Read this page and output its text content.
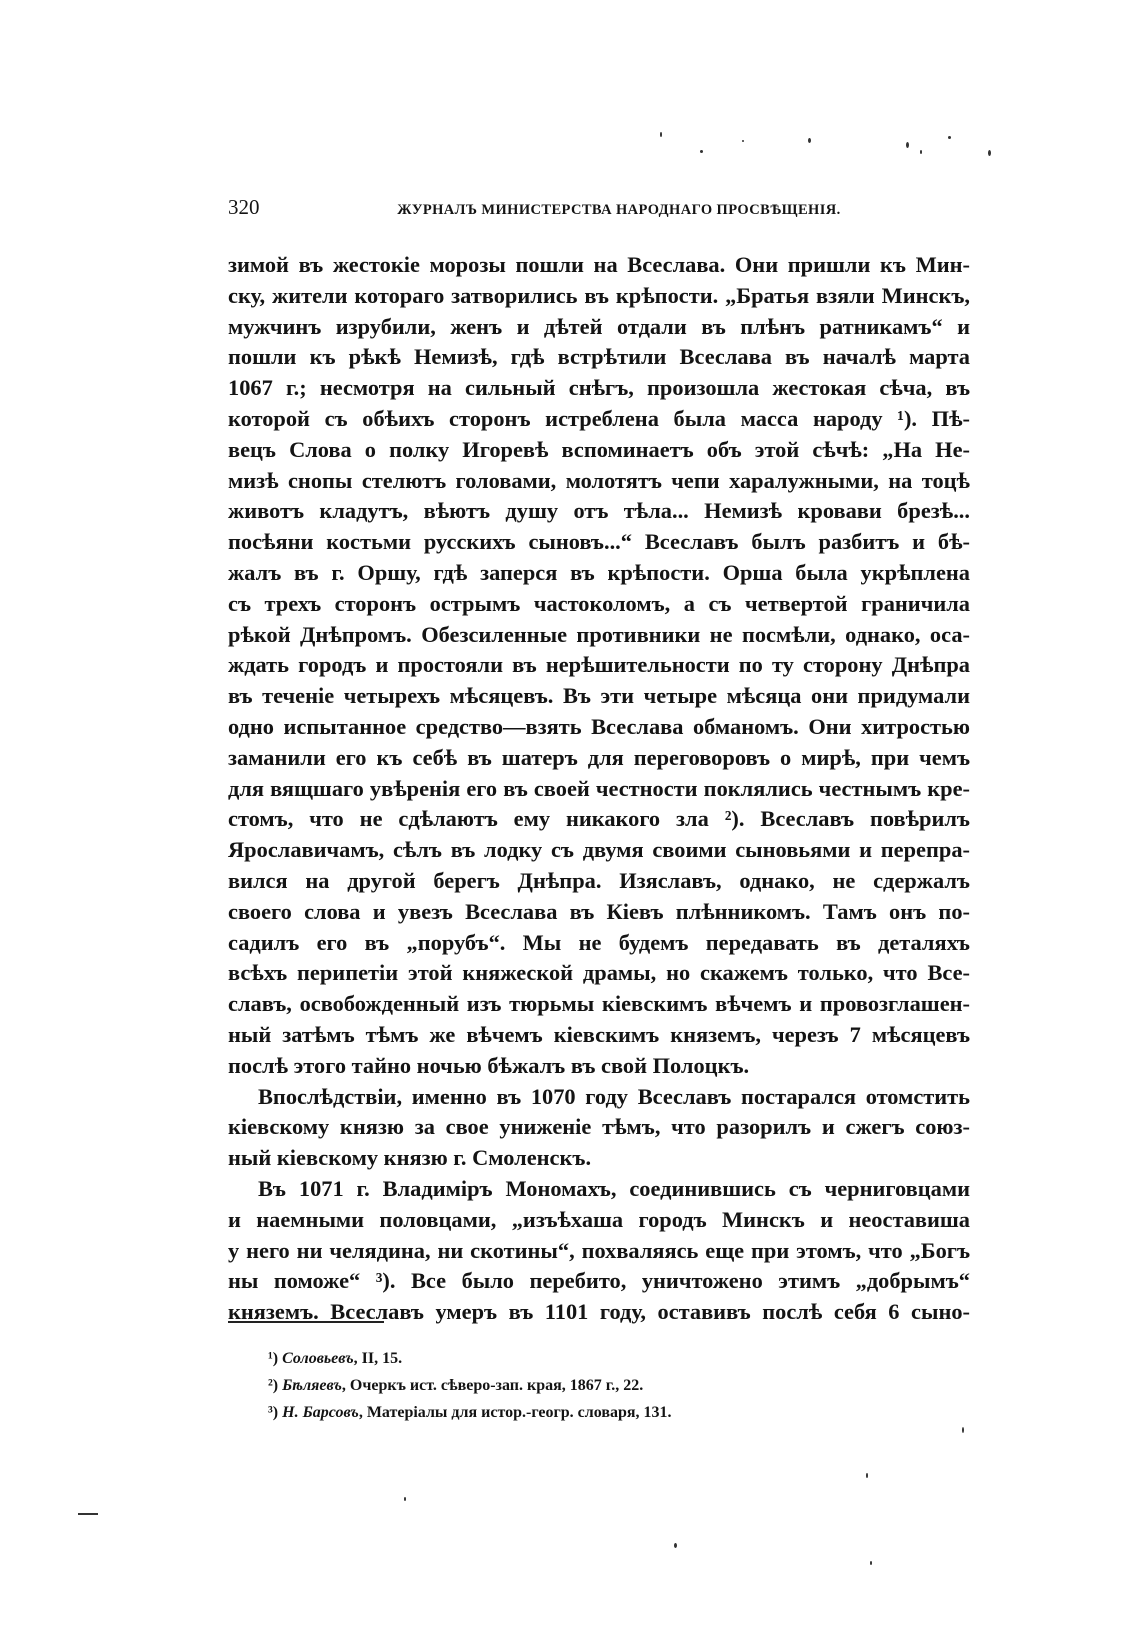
320	ЖУРНАЛЪ МИНИСТЕРСТВА НАРОДНАГО ПРОСВѢЩЕНІЯ.
зимой въ жестокіе морозы пошли на Всеслава. Они пришли къ Мин-
ску, жители котораго затворились въ крѣпости. „Братья взяли Минскъ,
мужчинъ изрубили, женъ и дѣтей отдали въ плѣнъ ратникамъ“ и
пошли къ рѣкѣ Немизѣ, гдѣ встрѣтили Всеслава въ началѣ марта
1067 г.; несмотря на сильный снѣгъ, произошла жестокая сѣча, въ
которой съ обѣихъ сторонъ истреблена была масса народу ¹). Пѣ-
вецъ Слова о полку Игоревѣ вспоминаетъ объ этой сѣчѣ: „На Не-
мизѣ снопы стелютъ головами, молотятъ чепи харалужными, на тоцѣ
животъ кладутъ, вѣютъ душу отъ тѣла... Немизѣ кровави брезѣ...
посѣяни костьми русскихъ сыновъ...“ Всеславъ былъ разбитъ и бѣ-
жалъ въ г. Оршу, гдѣ заперся въ крѣпости. Орша была укрѣплена
съ трехъ сторонъ острымъ частоколомъ, а съ четвертой граничила
рѣкой Днѣпромъ. Обезсиленные противники не посмѣли, однако, оса-
ждать городъ и простояли въ нерѣшительности по ту сторону Днѣпра
въ теченіе четырехъ мѣсяцевъ. Въ эти четыре мѣсяца они придумали
одно испытанное средство—взять Всеслава обманомъ. Они хитростью
заманили его къ себѣ въ шатеръ для переговоровъ о мирѣ, при чемъ
для вящшаго увѣренія его въ своей честности поклялись честнымъ кре-
стомъ, что не сдѣлаютъ ему никакого зла ²). Всеславъ повѣрилъ
Ярославичамъ, сѣлъ въ лодку съ двумя своими сыновьями и перепра-
вился на другой берегъ Днѣпра. Изяславъ, однако, не сдержалъ
своего слова и увезъ Всеслава въ Кіевъ плѣнникомъ. Тамъ онъ по-
садилъ его въ „порубъ“. Мы не будемъ передавать въ деталяхъ
всѣхъ перипетіи этой княжеской драмы, но скажемъ только, что Все-
славъ, освобожденный изъ тюрьмы кіевскимъ вѣчемъ и провозглашен-
ный затѣмъ тѣмъ же вѣчемъ кіевскимъ княземъ, черезъ 7 мѣсяцевъ
послѣ этого тайно ночью бѣжалъ въ свой Полоцкъ.
Впослѣдствіи, именно въ 1070 году Всеславъ постарался отомстить
кіевскому князю за свое униженіе тѣмъ, что разорилъ и сжегъ союз-
ный кіевскому князю г. Смоленскъ.
Въ 1071 г. Владиміръ Мономахъ, соединившись съ черниговцами
и наемными половцами, „изъѣхаша городъ Минскъ и неоставиша
у него ни челядина, ни скотины“, похваляясь еще при этомъ, что „Богъ
ны поможе“ ³). Все было перебито, уничтожено этимъ „добрымъ“
княземъ. Всеславъ умеръ въ 1101 году, оставивъ послѣ себя 6 сыно-
¹) Соловьевъ, II, 15.
²) Бѣляевъ, Очеркъ ист. сѣверо-зап. края, 1867 г., 22.
³) Н. Барсовъ, Матеріалы для истор.-геогр. словаря, 131.
